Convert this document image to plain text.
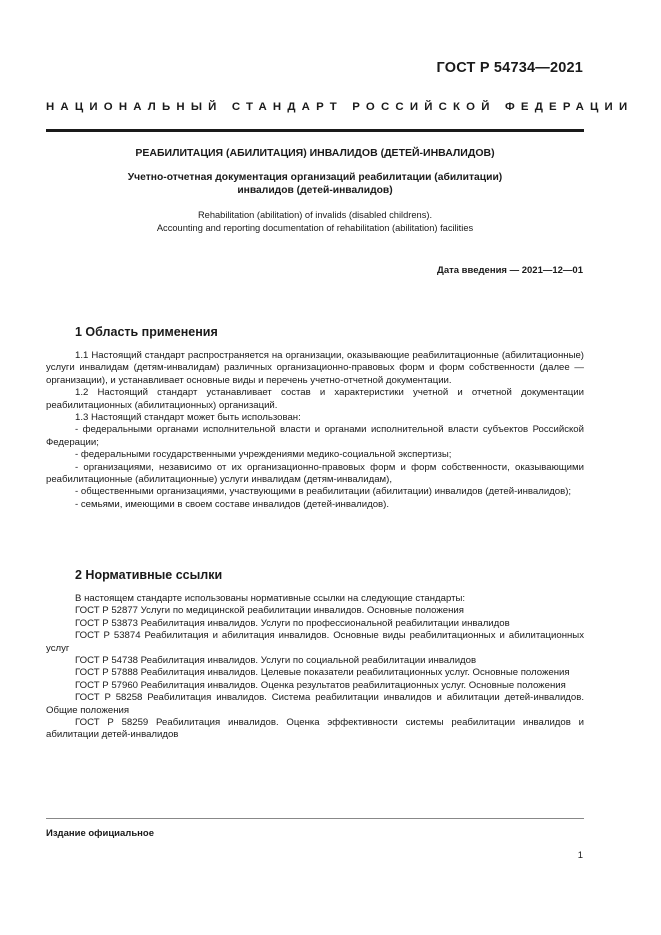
ГОСТ Р 54734—2021
НАЦИОНАЛЬНЫЙ СТАНДАРТ РОССИЙСКОЙ ФЕДЕРАЦИИ
РЕАБИЛИТАЦИЯ (АБИЛИТАЦИЯ) ИНВАЛИДОВ (ДЕТЕЙ-ИНВАЛИДОВ)
Учетно-отчетная документация организаций реабилитации (абилитации)
инвалидов (детей-инвалидов)
Rehabilitation (abilitation) of invalids (disabled childrens).
Accounting and reporting documentation of rehabilitation (abilitation) facilities
Дата введения — 2021—12—01
1 Область применения

1.1 Настоящий стандарт распространяется на организации, оказывающие реабилитационные (абилитационные) услуги инвалидам (детям-инвалидам) различных организационно-правовых форм и форм собственности (далее — организации), и устанавливает основные виды и перечень учетно-отчетной документации.

1.2 Настоящий стандарт устанавливает состав и характеристики учетной и отчетной документации реабилитационных (абилитационных) организаций.

1.3 Настоящий стандарт может быть использован:

- федеральными органами исполнительной власти и органами исполнительной власти субъектов Российской Федерации;

- федеральными государственными учреждениями медико-социальной экспертизы;

- организациями, независимо от их организационно-правовых форм и форм собственности, оказывающими реабилитационные (абилитационные) услуги инвалидам (детям-инвалидам),

- общественными организациями, участвующими в реабилитации (абилитации) инвалидов (детей-инвалидов);

- семьями, имеющими в своем составе инвалидов (детей-инвалидов).

2 Нормативные ссылки

В настоящем стандарте использованы нормативные ссылки на следующие стандарты:

ГОСТ Р 52877 Услуги по медицинской реабилитации инвалидов. Основные положения

ГОСТ Р 53873 Реабилитация инвалидов. Услуги по профессиональной реабилитации инвалидов

ГОСТ Р 53874 Реабилитация и абилитация инвалидов. Основные виды реабилитационных и абилитационных услуг

ГОСТ Р 54738 Реабилитация инвалидов. Услуги по социальной реабилитации инвалидов

ГОСТ Р 57888 Реабилитация инвалидов. Целевые показатели реабилитационных услуг. Основные положения

ГОСТ Р 57960 Реабилитация инвалидов. Оценка результатов реабилитационных услуг. Основные положения

ГОСТ Р 58258 Реабилитация инвалидов. Система реабилитации инвалидов и абилитации детей-инвалидов. Общие положения

ГОСТ Р 58259 Реабилитация инвалидов. Оценка эффективности системы реабилитации инвалидов и абилитации детей-инвалидов

Издание официальное
1
